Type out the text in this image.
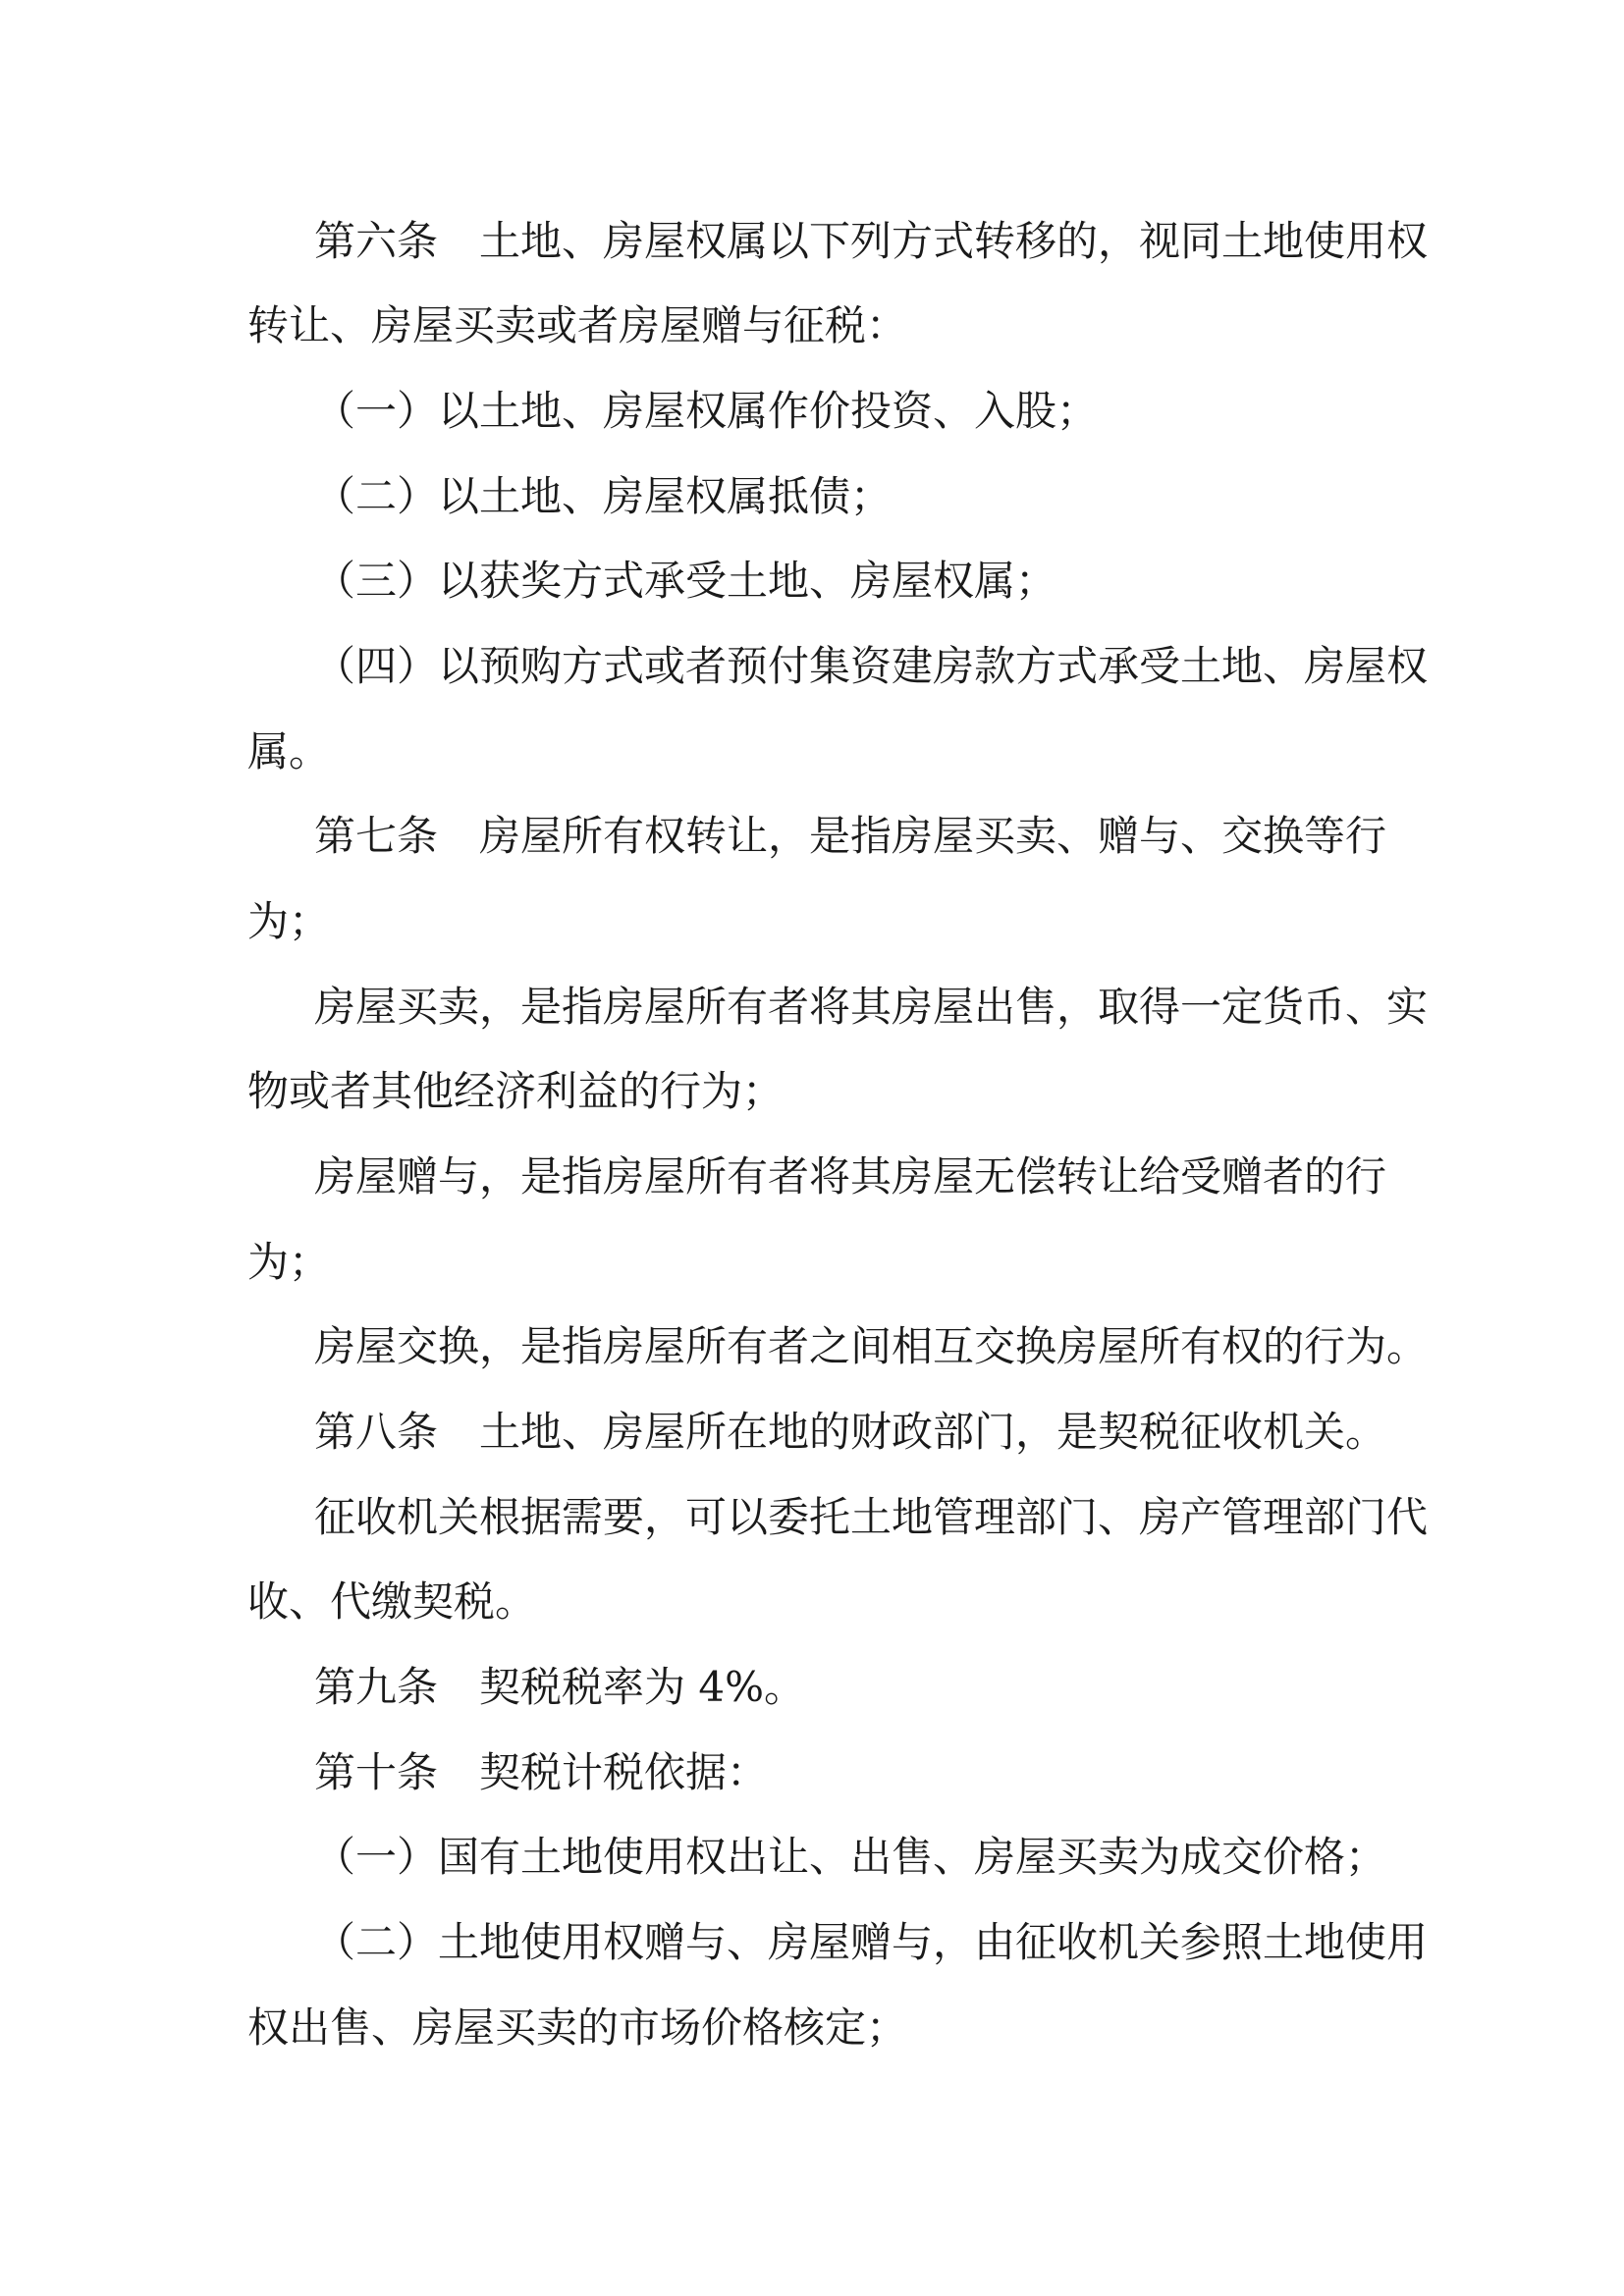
第六条　土地、房屋权属以下列方式转移的，视同土地使用权
转让、房屋买卖或者房屋赠与征税：
（一）以土地、房屋权属作价投资、入股；
（二）以土地、房屋权属抵债；
（三）以获奖方式承受土地、房屋权属；
（四）以预购方式或者预付集资建房款方式承受土地、房屋权
属。
第七条　房屋所有权转让，是指房屋买卖、赠与、交换等行
为；
房屋买卖，是指房屋所有者将其房屋出售，取得一定货币、实
物或者其他经济利益的行为；
房屋赠与，是指房屋所有者将其房屋无偿转让给受赠者的行
为；
房屋交换，是指房屋所有者之间相互交换房屋所有权的行为。
第八条　土地、房屋所在地的财政部门，是契税征收机关。
征收机关根据需要，可以委托土地管理部门、房产管理部门代
收、代缴契税。
第九条　契税税率为 4%。
第十条　契税计税依据：
（一）国有土地使用权出让、出售、房屋买卖为成交价格；
（二）土地使用权赠与、房屋赠与，由征收机关参照土地使用
权出售、房屋买卖的市场价格核定；
